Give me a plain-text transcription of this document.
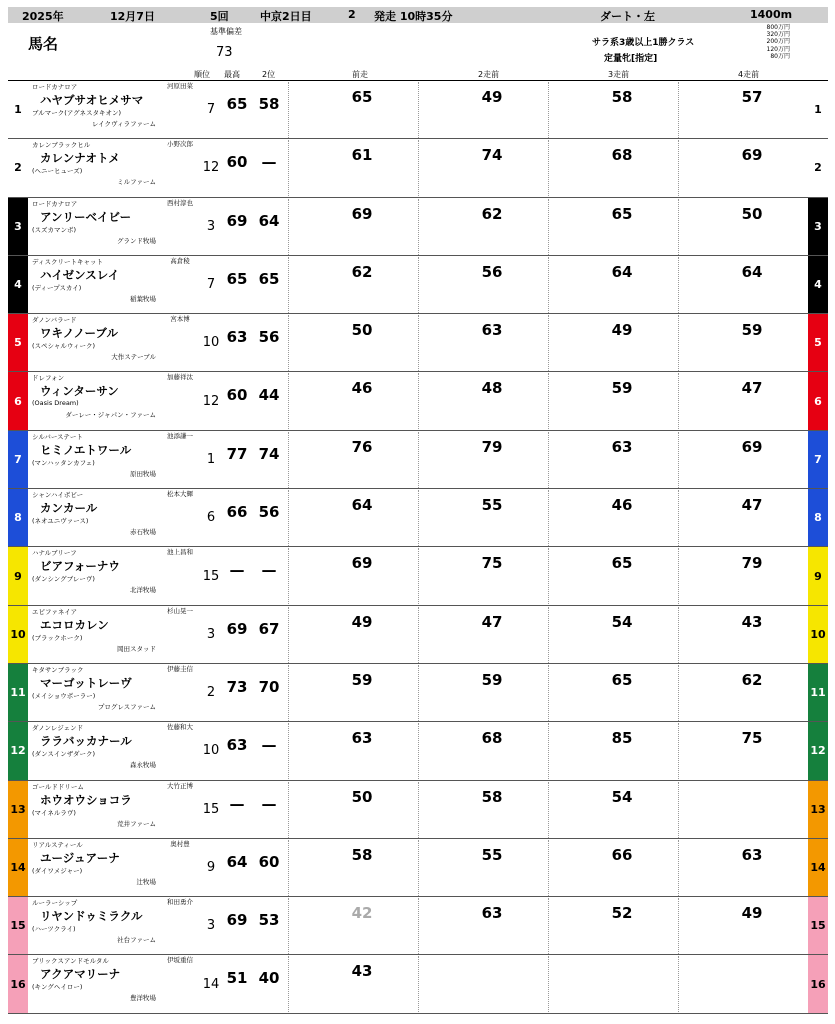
2025年	12月7日	5回	中京2日目	2 発走 10時35分	ダート・左	1400m
馬名
基準偏差
73
順位 最高	2位	前走	2走前	3走前	4走前
サラ系3歳以上1勝クラス
定量牝[指定]
800万円
320万円
200万円
120万円
80万円
1
ロードカナロア
ハヤブサオヒメサマ
ブルマーク(アグネスタキオン)
レイクヴィラファーム
河原田菜
7 65 58	65	49	58	57
1
2
カレンブラックヒル
カレンナオトメ
(ヘニーヒューズ)
ミルファーム
小野次郎
12 60 —	61	74	68	69
2
3
ロードカナロア
アンリーベイビー
(スズカマンボ)
グランド牧場
西村淳也
3 69 64	69	62	65	50
3
4
ディスクリートキャット
ハイゼンスレイ
(ディープスカイ)
稲葉牧場
高倉稜
7 65 65	62	56	64	64
4
5
ダノンバラード
ワキノノーブル
(スペシャルウィーク)
大作ステーブル
宮本博
10 63 56	50	63	49	59
5
6
ドレフォン
ウィンターサン
(Oasis Dream)
ダーレー・ジャパン・ファーム
加藤祥汰
12 60 44	46	48	59	47
6
7
シルバーステート
ヒミノエトワール
(マンハッタンカフェ)
原田牧場
池添謙一
1 77 74	76	79	63	69
7
8
シャンハイボビー
カンカール
(ネオユニヴァース)
赤石牧場
松本大輝
6 66 56	64	55	46	47
8
9
ハナルブリーフ
ビアフォーナウ
(ダンシングブレーヴ)
北洋牧場
池上昌和
15 —	—	69	75	65	79
9
10
エピファネイア
エコロカレン
(ブラックホーク)
岡田スタッド
杉山晃一
3 69 67	49	47	54	43
10
11
キタサンブラック
マーゴットレーヴ
(メイショウボーラー)
プログレスファーム
伊藤圭信
2 73 70	59	59	65	62
11
12
ダノンレジェンド
ララバッカナール
(ダンスインザダーク)
森永牧場
佐藤和大
10 63 —	63	68	85	75
12
13
ゴールドドリーム
ホウオウショコラ
(マイネルラヴ)
荒井ファーム
大竹正博
15 —	—	50	58	54
13
14
リアルスティール
ユージュアーナ
(ダイワメジャー)
辻牧場
奥村豊
9 64 60	58	55	66	63
14
15
ルーラーシップ
リヤンドゥミラクル
(ハーツクライ)
社台ファーム
和田勇介
3 69 53	42	63	52	49
15
16
ブリックスアンドモルタル
アクアマリーナ
(キングヘイロー)
豊洋牧場
伊坂重信
14 51 40	43
16
